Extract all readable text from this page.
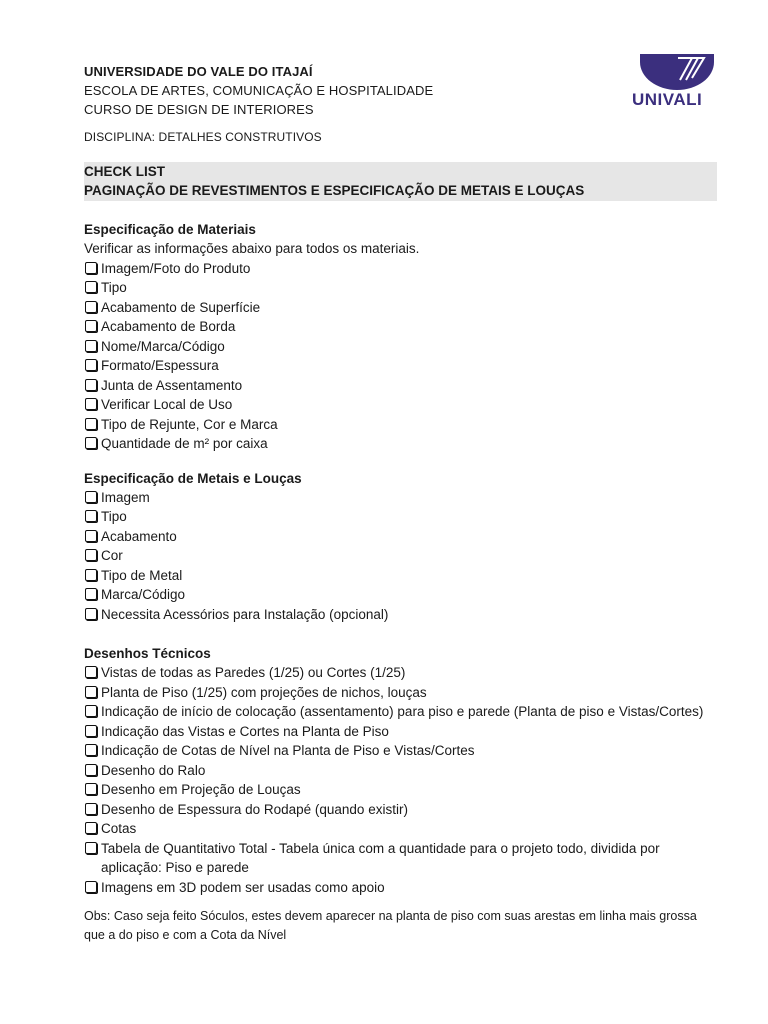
UNIVERSIDADE DO VALE DO ITAJAÍ
ESCOLA DE ARTES, COMUNICAÇÃO E HOSPITALIDADE
CURSO DE DESIGN DE INTERIORES
DISCIPLINA: DETALHES CONSTRUTIVOS
UNIVALI
CHECK LIST
PAGINAÇÃO DE REVESTIMENTOS E ESPECIFICAÇÃO DE METAIS E LOUÇAS
Especificação de Materiais
Verificar as informações abaixo para todos os materiais.
Imagem/Foto do Produto
Tipo
Acabamento de Superfície
Acabamento de Borda
Nome/Marca/Código
Formato/Espessura
Junta de Assentamento
Verificar Local de Uso
Tipo de Rejunte, Cor e Marca
Quantidade de m² por caixa
Especificação de Metais e Louças
Imagem
Tipo
Acabamento
Cor
Tipo de Metal
Marca/Código
Necessita Acessórios para Instalação (opcional)
Desenhos Técnicos
Vistas de todas as Paredes (1/25) ou Cortes (1/25)
Planta de Piso (1/25) com projeções de nichos, louças
Indicação de início de colocação (assentamento) para piso e parede (Planta de piso e Vistas/Cortes)
Indicação das Vistas e Cortes na Planta de Piso
Indicação de Cotas de Nível na Planta de Piso e Vistas/Cortes
Desenho do Ralo
Desenho em Projeção de Louças
Desenho de Espessura do Rodapé (quando existir)
Cotas
Tabela de Quantitativo Total - Tabela única com a quantidade para o projeto todo, dividida por aplicação: Piso e parede
Imagens em 3D podem ser usadas como apoio
Obs: Caso seja feito Sóculos, estes devem aparecer na planta de piso com suas arestas em linha mais grossa que a do piso e com a Cota da Nível
